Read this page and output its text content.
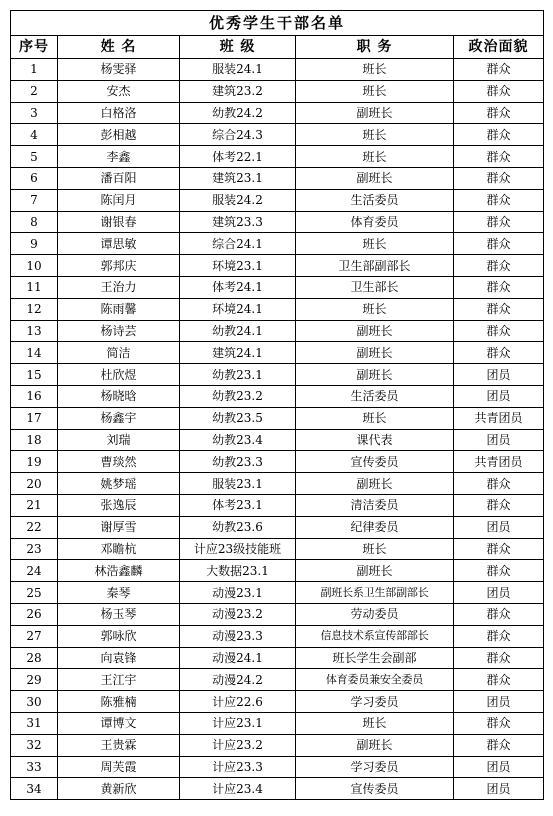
优秀学生干部名单				
序号	姓 名	班 级	职 务	政治面貌
1	杨雯驿	服装24.1	班长	群众
2	安杰	建筑23.2	班长	群众
3	白格洛	幼教24.2	副班长	群众
4	彭相越	综合24.3	班长	群众
5	李鑫	体考22.1	班长	群众
6	潘百阳	建筑23.1	副班长	群众
7	陈闰月	服装24.2	生活委员	群众
8	谢银春	建筑23.3	体育委员	群众
9	谭思敏	综合24.1	班长	群众
10	郭邦庆	环境23.1	卫生部副部长	群众
11	王治力	体考24.1	卫生部长	群众
12	陈雨馨	环境24.1	班长	群众
13	杨诗芸	幼教24.1	副班长	群众
14	简洁	建筑24.1	副班长	群众
15	杜欣煜	幼教23.1	副班长	团员
16	杨晓晗	幼教23.2	生活委员	团员
17	杨鑫宇	幼教23.5	班长	共青团员
18	刘瑞	幼教23.4	课代表	团员
19	曹琰然	幼教23.3	宣传委员	共青团员
20	姚梦瑶	服装23.1	副班长	群众
21	张逸辰	体考23.1	清洁委员	群众
22	谢厚雪	幼教23.6	纪律委员	团员
23	邓瞻杭	计应23级技能班	班长	群众
24	林浩鑫麟	大数据23.1	副班长	群众
25	秦琴	动漫23.1	副班长系卫生部副部长	团员
26	杨玉琴	动漫23.2	劳动委员	群众
27	郭咏欣	动漫23.3	信息技术系宣传部部长	群众
28	向袁锋	动漫24.1	班长学生会副部	群众
29	王江宇	动漫24.2	体育委员兼安全委员	群众
30	陈雅楠	计应22.6	学习委员	团员
31	谭博文	计应23.1	班长	群众
32	王贵霖	计应23.2	副班长	群众
33	周芙霞	计应23.3	学习委员	团员
34	黄新欣	计应23.4	宣传委员	团员
